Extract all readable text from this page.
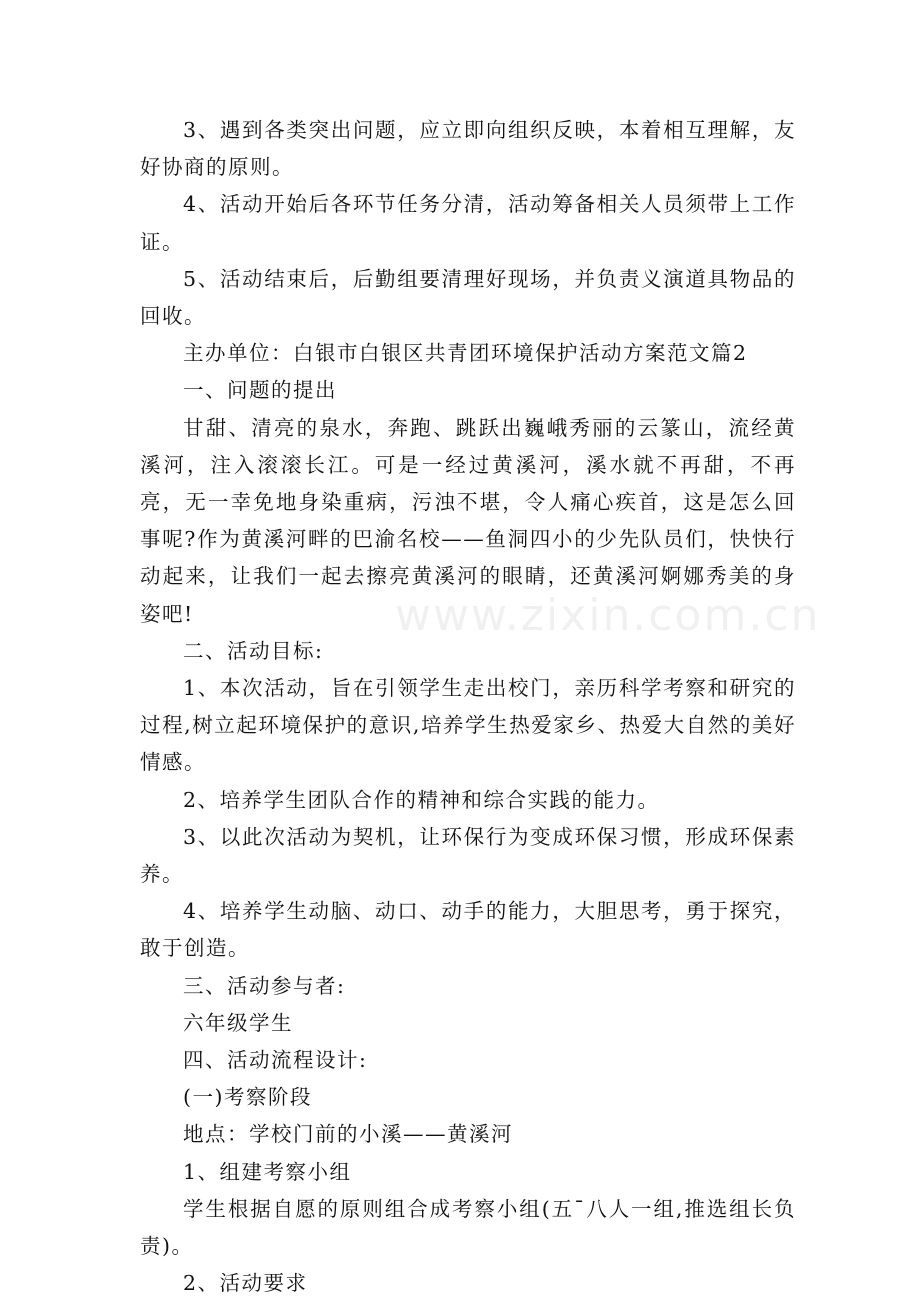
www.zixin.com.cn

3、遇到各类突出问题，应立即向组织反映，本着相互理解，友好协商的原则。

4、活动开始后各环节任务分清，活动筹备相关人员须带上工作证。

5、活动结束后，后勤组要清理好现场，并负责义演道具物品的回收。

主办单位：白银市白银区共青团环境保护活动方案范文篇2

一、问题的提出

甘甜、清亮的泉水，奔跑、跳跃出巍峨秀丽的云篆山，流经黄溪河，注入滚滚长江。可是一经过黄溪河，溪水就不再甜，不再亮，无一幸免地身染重病，污浊不堪，令人痛心疾首，这是怎么回事呢?作为黄溪河畔的巴渝名校——鱼洞四小的少先队员们，快快行动起来，让我们一起去擦亮黄溪河的眼睛，还黄溪河婀娜秀美的身姿吧!

二、活动目标:

1、本次活动，旨在引领学生走出校门，亲历科学考察和研究的过程,树立起环境保护的意识,培养学生热爱家乡、热爱大自然的美好情感。

2、培养学生团队合作的精神和综合实践的能力。

3、以此次活动为契机，让环保行为变成环保习惯，形成环保素养。

4、培养学生动脑、动口、动手的能力，大胆思考，勇于探究，敢于创造。

三、活动参与者:

六年级学生

四、活动流程设计:

(一)考察阶段

地点：学校门前的小溪——黄溪河

1、组建考察小组

学生根据自愿的原则组合成考察小组(五¯八人一组,推选组长负责)。

2、活动要求
